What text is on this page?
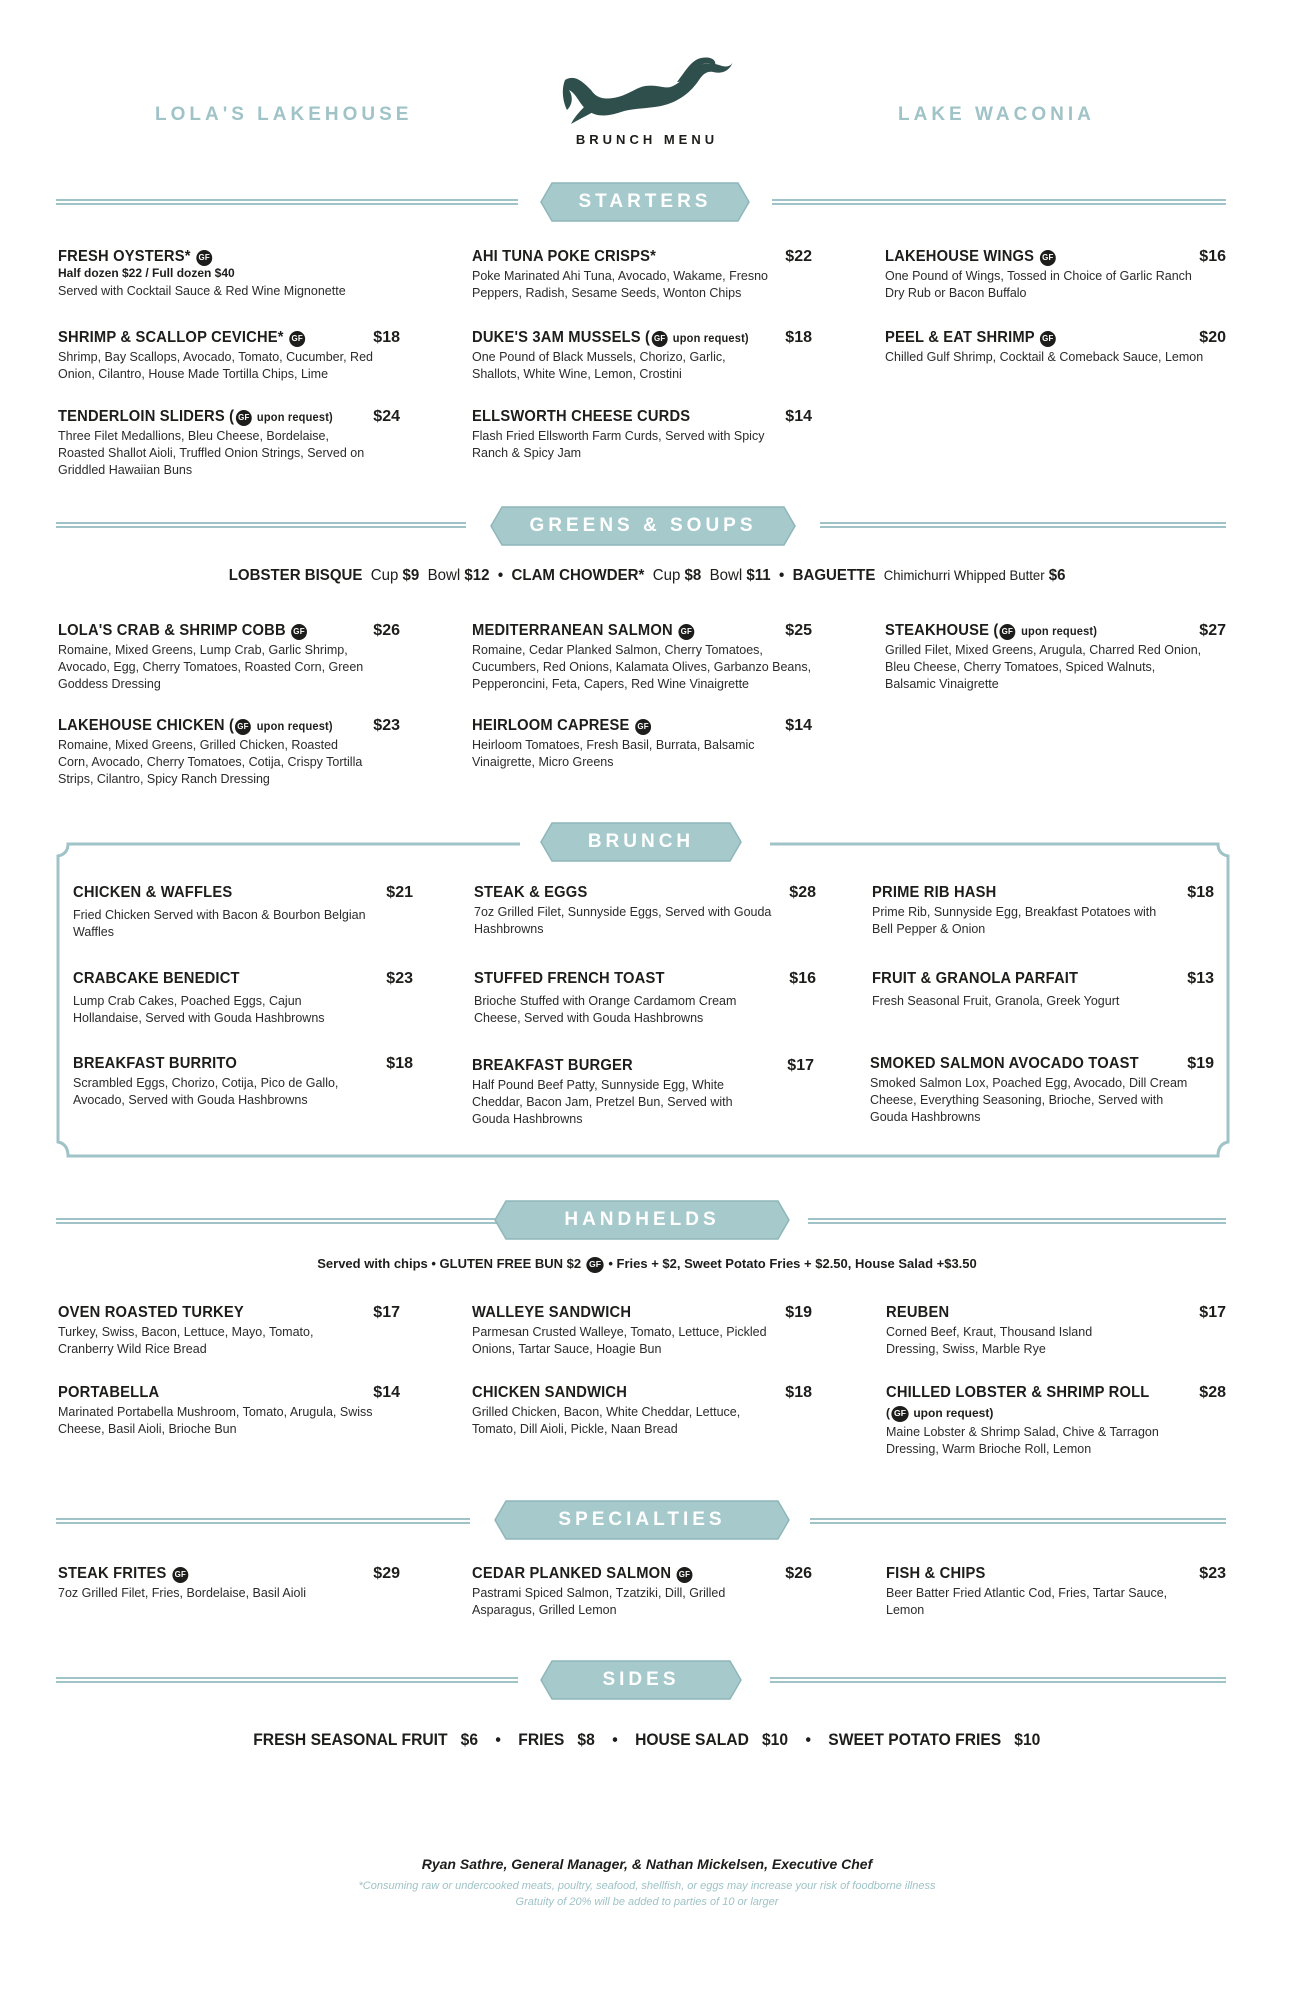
LOLA'S LAKEHOUSE	LAKE WACONIA
BRUNCH MENU
STARTERS
FRESH OYSTERS* GF
Half dozen $22 / Full dozen $40
Served with Cocktail Sauce & Red Wine Mignonette
AHI TUNA POKE CRISPS*	$22
Poke Marinated Ahi Tuna, Avocado, Wakame, Fresno Peppers, Radish, Sesame Seeds, Wonton Chips
LAKEHOUSE WINGS GF	$16
One Pound of Wings, Tossed in Choice of Garlic Ranch Dry Rub or Bacon Buffalo
SHRIMP & SCALLOP CEVICHE* GF	$18
Shrimp, Bay Scallops, Avocado, Tomato, Cucumber, Red Onion, Cilantro, House Made Tortilla Chips, Lime
DUKE'S 3AM MUSSELS ( GF upon request)	$18
One Pound of Black Mussels, Chorizo, Garlic, Shallots, White Wine, Lemon, Crostini
PEEL & EAT SHRIMP GF	$20
Chilled Gulf Shrimp, Cocktail & Comeback Sauce, Lemon
TENDERLOIN SLIDERS ( GF upon request)	$24
Three Filet Medallions, Bleu Cheese, Bordelaise, Roasted Shallot Aioli, Truffled Onion Strings, Served on Griddled Hawaiian Buns
ELLSWORTH CHEESE CURDS	$14
Flash Fried Ellsworth Farm Curds, Served with Spicy Ranch & Spicy Jam
GREENS & SOUPS
LOBSTER BISQUE Cup $9 Bowl $12 • CLAM CHOWDER* Cup $8 Bowl $11 • BAGUETTE Chimichurri Whipped Butter $6
LOLA'S CRAB & SHRIMP COBB GF	$26
Romaine, Mixed Greens, Lump Crab, Garlic Shrimp, Avocado, Egg, Cherry Tomatoes, Roasted Corn, Green Goddess Dressing
MEDITERRANEAN SALMON GF	$25
Romaine, Cedar Planked Salmon, Cherry Tomatoes, Cucumbers, Red Onions, Kalamata Olives, Garbanzo Beans, Pepperoncini, Feta, Capers, Red Wine Vinaigrette
STEAKHOUSE ( GF upon request)	$27
Grilled Filet, Mixed Greens, Arugula, Charred Red Onion, Bleu Cheese, Cherry Tomatoes, Spiced Walnuts, Balsamic Vinaigrette
LAKEHOUSE CHICKEN ( GF upon request)	$23
Romaine, Mixed Greens, Grilled Chicken, Roasted Corn, Avocado, Cherry Tomatoes, Cotija, Crispy Tortilla Strips, Cilantro, Spicy Ranch Dressing
HEIRLOOM CAPRESE GF	$14
Heirloom Tomatoes, Fresh Basil, Burrata, Balsamic Vinaigrette, Micro Greens
BRUNCH
CHICKEN & WAFFLES	$21
Fried Chicken Served with Bacon & Bourbon Belgian Waffles
STEAK & EGGS	$28
7oz Grilled Filet, Sunnyside Eggs, Served with Gouda Hashbrowns
PRIME RIB HASH	$18
Prime Rib, Sunnyside Egg, Breakfast Potatoes with Bell Pepper & Onion
CRABCAKE BENEDICT	$23
Lump Crab Cakes, Poached Eggs, Cajun Hollandaise, Served with Gouda Hashbrowns
STUFFED FRENCH TOAST	$16
Brioche Stuffed with Orange Cardamom Cream Cheese, Served with Gouda Hashbrowns
FRUIT & GRANOLA PARFAIT	$13
Fresh Seasonal Fruit, Granola, Greek Yogurt
BREAKFAST BURRITO	$18
Scrambled Eggs, Chorizo, Cotija, Pico de Gallo, Avocado, Served with Gouda Hashbrowns
BREAKFAST BURGER	$17
Half Pound Beef Patty, Sunnyside Egg, White Cheddar, Bacon Jam, Pretzel Bun, Served with Gouda Hashbrowns
SMOKED SALMON AVOCADO TOAST	$19
Smoked Salmon Lox, Poached Egg, Avocado, Dill Cream Cheese, Everything Seasoning, Brioche, Served with Gouda Hashbrowns
HANDHELDS
Served with chips • GLUTEN FREE BUN $2 GF • Fries + $2, Sweet Potato Fries + $2.50, House Salad +$3.50
OVEN ROASTED TURKEY	$17
Turkey, Swiss, Bacon, Lettuce, Mayo, Tomato, Cranberry Wild Rice Bread
WALLEYE SANDWICH	$19
Parmesan Crusted Walleye, Tomato, Lettuce, Pickled Onions, Tartar Sauce, Hoagie Bun
REUBEN	$17
Corned Beef, Kraut, Thousand Island Dressing, Swiss, Marble Rye
PORTABELLA	$14
Marinated Portabella Mushroom, Tomato, Arugula, Swiss Cheese, Basil Aioli, Brioche Bun
CHICKEN SANDWICH	$18
Grilled Chicken, Bacon, White Cheddar, Lettuce, Tomato, Dill Aioli, Pickle, Naan Bread
CHILLED LOBSTER & SHRIMP ROLL	$28
( GF upon request)
Maine Lobster & Shrimp Salad, Chive & Tarragon Dressing, Warm Brioche Roll, Lemon
SPECIALTIES
STEAK FRITES GF	$29
7oz Grilled Filet, Fries, Bordelaise, Basil Aioli
CEDAR PLANKED SALMON GF	$26
Pastrami Spiced Salmon, Tzatziki, Dill, Grilled Asparagus, Grilled Lemon
FISH & CHIPS	$23
Beer Batter Fried Atlantic Cod, Fries, Tartar Sauce, Lemon
SIDES
FRESH SEASONAL FRUIT $6 • FRIES $8 • HOUSE SALAD $10 • SWEET POTATO FRIES $10
Ryan Sathre, General Manager, & Nathan Mickelsen, Executive Chef
*Consuming raw or undercooked meats, poultry, seafood, shellfish, or eggs may increase your risk of foodborne illness
Gratuity of 20% will be added to parties of 10 or larger
